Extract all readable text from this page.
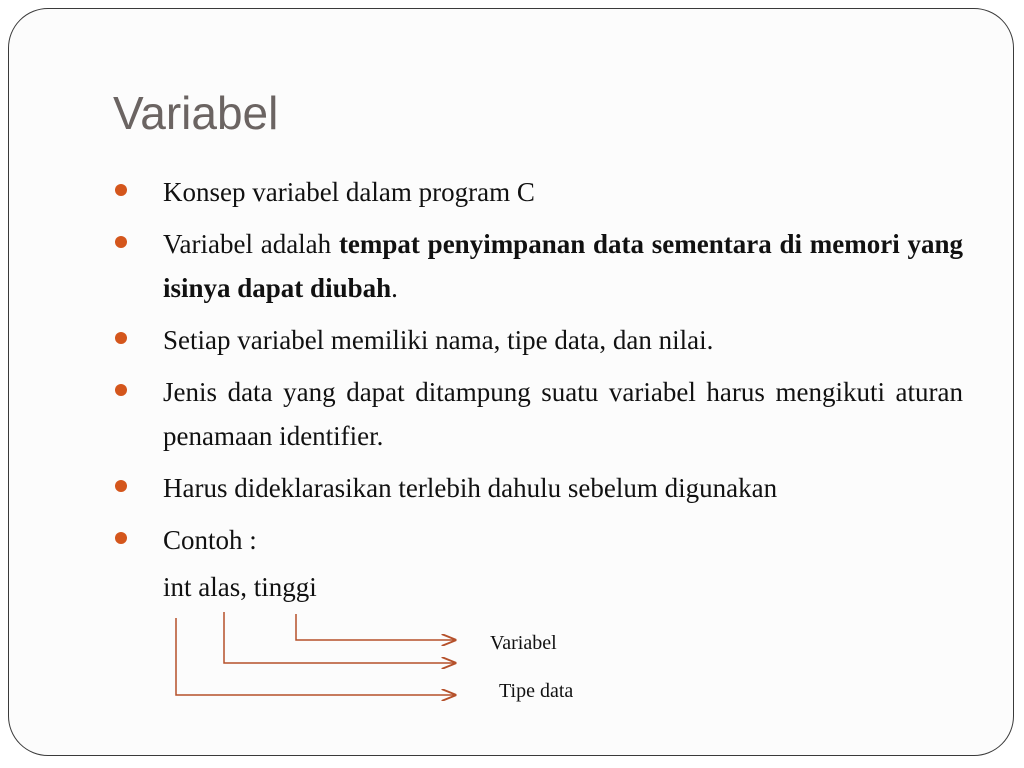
Variabel
Konsep variabel dalam program C
Variabel adalah tempat penyimpanan data sementara di memori yang isinya dapat diubah.
Setiap variabel memiliki nama, tipe data, dan nilai.
Jenis data yang dapat ditampung suatu variabel harus mengikuti aturan penamaan identifier.
Harus dideklarasikan terlebih dahulu sebelum digunakan
Contoh :

int alas, tinggi

Variabel
Tipe data
